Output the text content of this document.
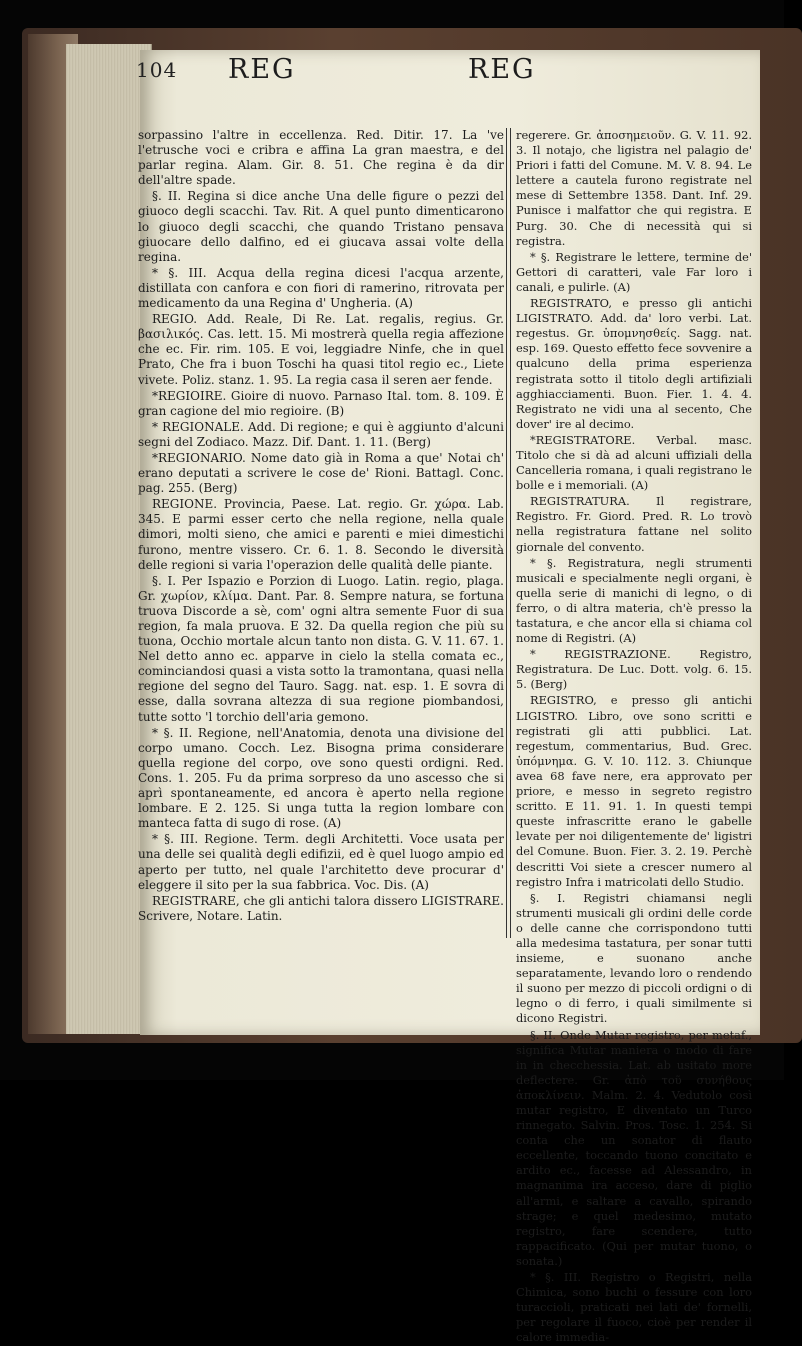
104 REG	REG

sorpassino l'altre in eccellenza. Red. Ditir. 17. La 've l'etrusche voci e cribra e affina La gran maestra, e del parlar regina. Alam. Gir. 8. 51. Che regina è da dir dell'altre spade.

§. II. Regina si dice anche Una delle figure o pezzi del giuoco degli scacchi. Tav. Rit. A quel punto dimenticarono lo giuoco degli scacchi, che quando Tristano pensava giuocare dello dalfino, ed ei giucava assai volte della regina.

* §. III. Acqua della regina dicesi l'acqua arzente, distillata con canfora e con fiori di ramerino, ritrovata per medicamento da una Regina d' Ungheria. (A)

REGIO. Add. Reale, Di Re. Lat. regalis, regius. Gr. βασιλικός. Cas. lett. 15. Mi mostrerà quella regia affezione che ec. Fir. rim. 105. E voi, leggiadre Ninfe, che in quel Prato, Che fra i buon Toschi ha quasi titol regio ec., Liete vivete. Poliz. stanz. 1. 95. La regia casa il seren aer fende.

*REGIOIRE. Gioire di nuovo. Parnaso Ital. tom. 8. 109. È gran cagione del mio regioire. (B)

* REGIONALE. Add. Di regione; e qui è aggiunto d'alcuni segni del Zodiaco. Mazz. Dif. Dant. 1. 11. (Berg)

*REGIONARIO. Nome dato già in Roma a que' Notai ch' erano deputati a scrivere le cose de' Rioni. Battagl. Conc. pag. 255. (Berg)

REGIONE. Provincia, Paese. Lat. regio. Gr. χώρα. Lab. 345. E parmi esser certo che nella regione, nella quale dimori, molti sieno, che amici e parenti e miei dimestichi furono, mentre vissero. Cr. 6. 1. 8. Secondo le diversità delle regioni si varia l'operazion delle qualità delle piante.

§. I. Per Ispazio e Porzion di Luogo. Latin. regio, plaga. Gr. χωρίον, κλίμα. Dant. Par. 8. Sempre natura, se fortuna truova Discorde a sè, com' ogni altra semente Fuor di sua region, fa mala pruova. E 32. Da quella region che più su tuona, Occhio mortale alcun tanto non dista. G. V. 11. 67. 1. Nel detto anno ec. apparve in cielo la stella comata ec., cominciandosi quasi a vista sotto la tramontana, quasi nella regione del segno del Tauro. Sagg. nat. esp. 1. E sovra di esse, dalla sovrana altezza di sua regione piombandosi, tutte sotto 'l torchio dell'aria gemono.

* §. II. Regione, nell'Anatomia, denota una divisione del corpo umano. Cocch. Lez. Bisogna prima considerare quella regione del corpo, ove sono questi ordigni. Red. Cons. 1. 205. Fu da prima sorpreso da uno ascesso che si aprì spontaneamente, ed ancora è aperto nella regione lombare. E 2. 125. Si unga tutta la region lombare con manteca fatta di sugo di rose. (A)

* §. III. Regione. Term. degli Architetti. Voce usata per una delle sei qualità degli edifizii, ed è quel luogo ampio ed aperto per tutto, nel quale l'architetto deve procurar d' eleggere il sito per la sua fabbrica. Voc. Dis. (A)

REGISTRARE, che gli antichi talora dissero LIGISTRARE. Scrivere, Notare. Latin.

regerere. Gr. ἀποσημειοῦν. G. V. 11. 92. 3. Il notajo, che ligistra nel palagio de' Priori i fatti del Comune. M. V. 8. 94. Le lettere a cautela furono registrate nel mese di Settembre 1358. Dant. Inf. 29. Punisce i malfattor che qui registra. E Purg. 30. Che di necessità qui si registra.

* §. Registrare le lettere, termine de' Gettori di caratteri, vale Far loro i canali, e pulirle. (A)

REGISTRATO, e presso gli antichi LIGISTRATO. Add. da' loro verbi. Lat. regestus. Gr. ὑπομνησθείς. Sagg. nat. esp. 169. Questo effetto fece sovvenire a qualcuno della prima esperienza registrata sotto il titolo degli artifiziali agghiacciamenti. Buon. Fier. 1. 4. 4. Registrato ne vidi una al secento, Che dover' ire al decimo.

*REGISTRATORE. Verbal. masc. Titolo che si dà ad alcuni uffiziali della Cancelleria romana, i quali registrano le bolle e i memoriali. (A)

REGISTRATURA. Il registrare, Registro. Fr. Giord. Pred. R. Lo trovò nella registratura fattane nel solito giornale del convento.

* §. Registratura, negli strumenti musicali e specialmente negli organi, è quella serie di manichi di legno, o di ferro, o di altra materia, ch'è presso la tastatura, e che ancor ella si chiama col nome di Registri. (A)

* REGISTRAZIONE. Registro, Registratura. De Luc. Dott. volg. 6. 15. 5. (Berg)

REGISTRO, e presso gli antichi LIGISTRO. Libro, ove sono scritti e registrati gli atti pubblici. Lat. regestum, commentarius, Bud. Grec. ὑπόμνημα. G. V. 10. 112. 3. Chiunque avea 68 fave nere, era approvato per priore, e messo in segreto registro scritto. E 11. 91. 1. In questi tempi queste infrascritte erano le gabelle levate per noi diligentemente de' ligistri del Comune. Buon. Fier. 3. 2. 19. Perchè descritti Voi siete a crescer numero al registro Infra i matricolati dello Studio.

§. I. Registri chiamansi negli strumenti musicali gli ordini delle corde o delle canne che corrispondono tutti alla medesima tastatura, per sonar tutti insieme, e suonano anche separatamente, levando loro o rendendo il suono per mezzo di piccoli ordigni o di legno o di ferro, i quali similmente si dicono Registri.

§. II. Onde Mutar registro, per metaf., significa Mutar maniera o modo di fare in in checchessia. Lat. ab usitato more deflectere. Gr. ἀπὸ τοῦ συνήθους ἀποκλίνειν. Malm. 2. 4. Vedutolo così mutar registro, E diventato un Turco rinnegato. Salvin. Pros. Tosc. 1. 254. Si conta che un sonator di flauto eccellente, toccando tuono concitato e ardito ec., facesse ad Alessandro, in magnanima ira acceso, dare di piglio all'armi, e saltare a cavallo, spirando strage; e quel medesimo, mutato registro, fare scendere, tutto rappacificato. (Qui per mutar tuono, o sonata.)

* §. III. Registro o Registri, nella Chimica, sono buchi o fessure con loro turaccioli, praticati nei lati de' fornelli, per regolare il fuoco, cioè per render il calore immedia-
